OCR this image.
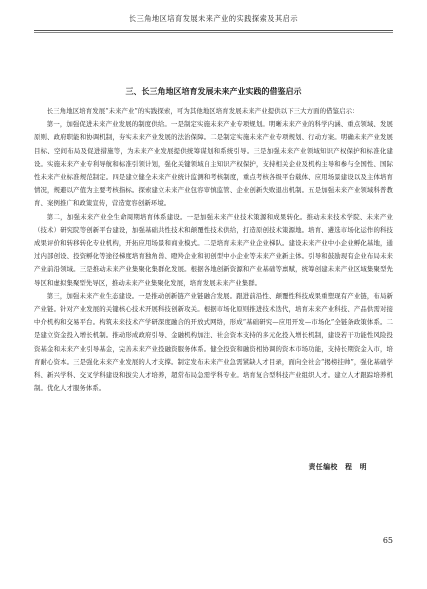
长三角地区培育发展未来产业的实践探索及其启示
三、长三角地区培育发展未来产业实践的借鉴启示

长三角地区培育发展“未来产业”的实践探索，可为其他地区培育发展未来产业提供以下三大方面的借鉴启示：

第一，加强促进未来产业发展的制度供给。一是制定实施未来产业专项规划。明晰未来产业的科学内涵、重点领域、发展原则、政府职能和协调机制，夯实未来产业发展的法治保障。二是制定实施未来产业专项规划、行动方案。明确未来产业发展目标、空间布局及促进措施等，为未来产业发展提供统筹谋划和系统引导。三是加强未来产业领域知识产权保护和标准化建设。实施未来产业专利导航和标准引领计划，强化关键领域自主知识产权保护，支持相关企业及机构主导和参与全国性、国际性未来产业标准规范制定。四是建立健全未来产业统计监测和考核制度，重点考核各级平台载体、应用场景建设以及主体培育情况，规避以产值为主要考核指标。探索建立未来产业包容审慎监管、企业创新失败退出机制。五是加强未来产业领域科普教育、案例推广和政策宣传，营造宽容创新环境。

第二，加强未来产业全生命周期培育体系建设。一是加强未来产业技术策源和成果转化。推动未来技术学院、未来产业（技术）研究院等创新平台建设，加强基础共性技术和颠覆性技术供给，打造原创技术策源地。培育、遴选市场化运作的科技成果评价和转移转化专业机构，开拓应用场景和商业模式。二是培育未来产业企业梯队。建设未来产业中小企业孵化基地，通过内部创设、投资孵化等途径梯度培育独角兽、瞪羚企业和初创型中小企业等未来产业新主体。引导和鼓励现有企业布局未来产业前沿领域。三是推动未来产业集聚化集群化发展。根据各地创新资源和产业基础等禀赋，统筹创建未来产业区域集聚型先导区和虚拟集聚型先导区，推动未来产业集聚化发展，培育发展未来产业集群。

第三，加强未来产业生态建设。一是推动创新链产业链融合发展。跟进前沿性、颠覆性科技成果重塑现有产业链，布局新产业链。针对产业发展的关键核心技术开展科技创新攻关。根据市场化原则推进技术迭代，培育未来产业科技、产品供需对接中介机构和交易平台。构筑未来技术产学研深度融合的开放式网络，形成“基础研究—应用开发—市场化”全链条政策体系。二是建立资金投入增长机制。推动形成政府引导、金融机构加注、社会资本支持的多元化投入增长机制，建设若干功能性风险投资基金和未来产业引导基金，完善未来产业投融资服务体系。健全投资和融资相协调的资本市场功能，支持长期资金入市，培育耐心资本。三是强化未来产业发展的人才支撑。制定发布未来产业急需紧缺人才目录，面向全社会“揭榜挂帅”，强化基础学科、新兴学科、交叉学科建设和拔尖人才培养，超常布局急需学科专业。培育复合型科技产业组织人才。建立人才跟踪培养机制。优化人才服务体系。

责任编校　程　明
65
